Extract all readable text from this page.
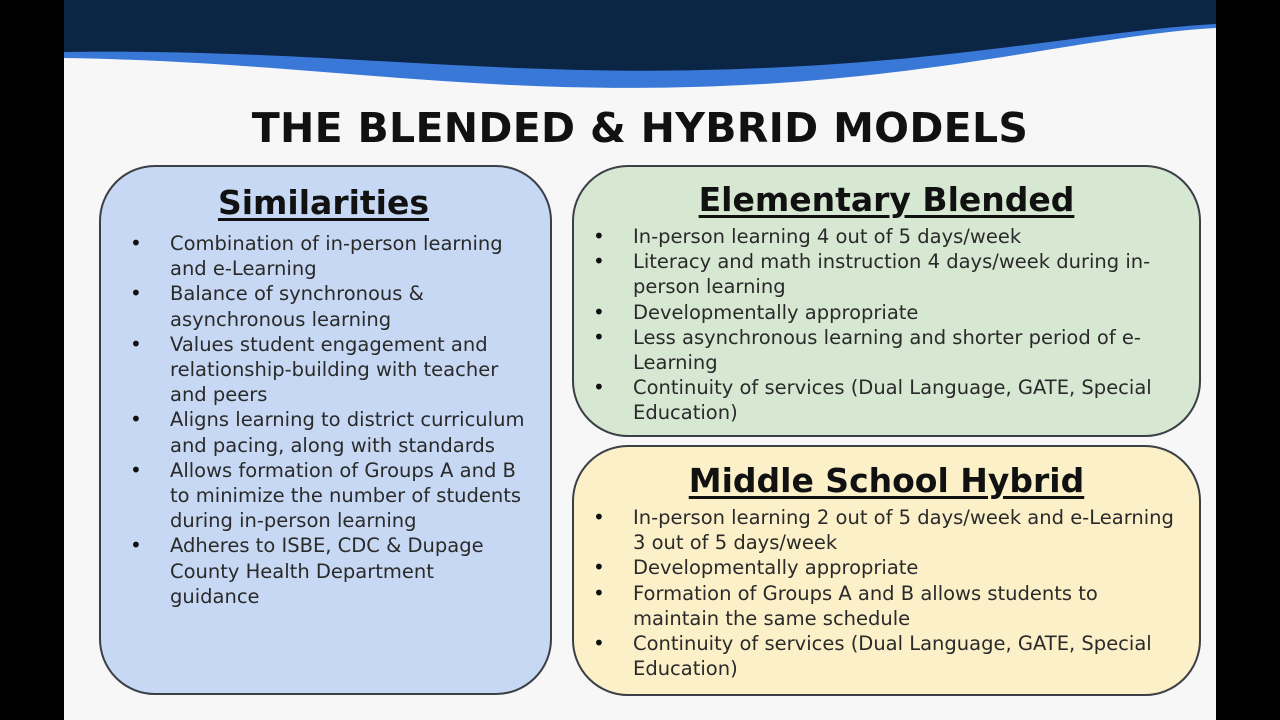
THE BLENDED & HYBRID MODELS
Similarities
• Combination of in-person learning and e-Learning
• Balance of synchronous & asynchronous learning
• Values student engagement and relationship-building with teacher and peers
• Aligns learning to district curriculum and pacing, along with standards
• Allows formation of Groups A and B to minimize the number of students during in-person learning
• Adheres to ISBE, CDC & Dupage County Health Department guidance
Elementary Blended
• In-person learning 4 out of 5 days/week
• Literacy and math instruction 4 days/week during in-person learning
• Developmentally appropriate
• Less asynchronous learning and shorter period of e-Learning
• Continuity of services (Dual Language, GATE, Special Education)
Middle School Hybrid
• In-person learning 2 out of 5 days/week and e-Learning 3 out of 5 days/week
• Developmentally appropriate
• Formation of Groups A and B allows students to maintain the same schedule
• Continuity of services (Dual Language, GATE, Special Education)
